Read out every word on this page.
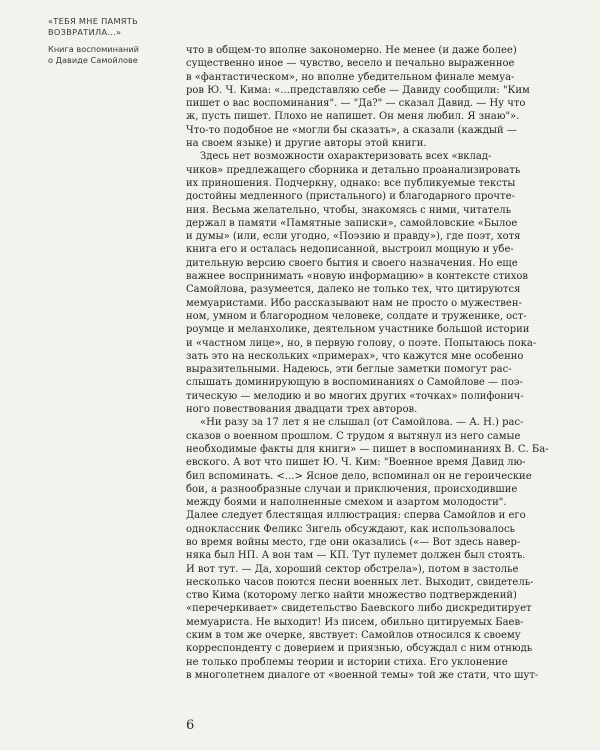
«ТЕБЯ МНЕ ПАМЯТЬ
ВОЗВРАТИЛА...»
Книга воспоминаний
о Давиде Самойлове
что в общем-то вполне закономерно. Не менее (и даже более)
существенно иное — чувство, весело и печально выраженное
в «фантастическом», но вполне убедительном финале мемуа-
ров Ю. Ч. Кима: «...представляю себе — Давиду сообщили: "Ким
пишет о вас воспоминания". — "Да?" — сказал Давид. — Ну что
ж, пусть пишет. Плохо не напишет. Он меня любил. Я знаю"».
Что-то подобное не «могли бы сказать», а сказали (каждый —
на своем языке) и другие авторы этой книги.
Здесь нет возможности охарактеризовать всех «вклад-
чиков» предлежащего сборника и детально проанализировать
их приношения. Подчеркну, однако: все публикуемые тексты
достойны медленного (пристального) и благодарного прочте-
ния. Весьма желательно, чтобы, знакомясь с ними, читатель
держал в памяти «Памятные записки», самойловские «Былое
и думы» (или, если угодно, «Поэзию и правду»), где поэт, хотя
книга его и осталась недописанной, выстроил мощную и убе-
дительную версию своего бытия и своего назначения. Но еще
важнее воспринимать «новую информацию» в контексте стихов
Самойлова, разумеется, далеко не только тех, что цитируются
мемуаристами. Ибо рассказывают нам не просто о мужествен-
ном, умном и благородном человеке, солдате и труженике, ост-
роумце и меланхолике, деятельном участнике большой истории
и «частном лице», но, в первую голову, о поэте. Попытаюсь пока-
зать это на нескольких «примерах», что кажутся мне особенно
выразительными. Надеюсь, эти беглые заметки помогут рас-
слышать доминирующую в воспоминаниях о Самойлове — поэ-
тическую — мелодию и во многих других «точках» полифонич-
ного повествования двадцати трех авторов.
«Ни разу за 17 лет я не слышал (от Самойлова. — А. Н.) рас-
сказов о военном прошлом. С трудом я вытянул из него самые
необходимые факты для книги» — пишет в воспоминаниях В. С. Ба-
евского. А вот что пишет Ю. Ч. Ким: "Военное время Давид лю-
бил вспоминать. <...> Ясное дело, вспоминал он не героические
бои, а разнообразные случаи и приключения, происходившие
между боями и наполненные смехом и азартом молодости".
Далее следует блестящая иллюстрация: сперва Самойлов и его
одноклассник Феликс Зигель обсуждают, как использовалось
во время войны место, где они оказались («— Вот здесь навер-
няка был НП. А вон там — КП. Тут пулемет должен был стоять.
И вот тут. — Да, хороший сектор обстрела»), потом в застолье
несколько часов поются песни военных лет. Выходит, свидетель-
ство Кима (которому легко найти множество подтверждений)
«перечеркивает» свидетельство Баевского либо дискредитирует
мемуариста. Не выходит! Из писем, обильно цитируемых Баев-
ским в том же очерке, явствует: Самойлов относился к своему
корреспонденту с доверием и приязнью, обсуждал с ним отнюдь
не только проблемы теории и истории стиха. Его уклонение
в многолетнем диалоге от «военной темы» той же стати, что шут-
6
